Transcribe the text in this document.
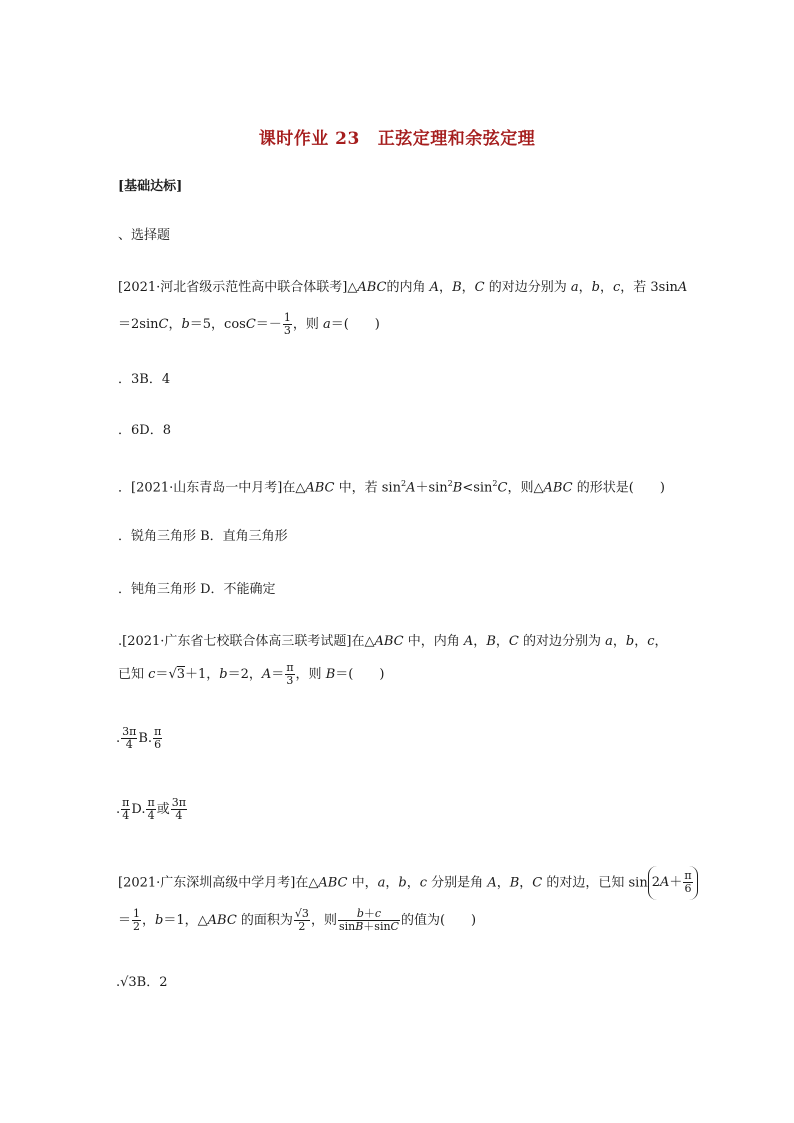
课时作业 23 正弦定理和余弦定理
[基础达标]
、选择题
[2021·河北省级示范性高中联合体联考]△ABC的内角 A，B，C 的对边分别为 a，b，c，若 3sinA
＝2sinC，b＝5，$\cos C=- \frac{1}{3}$ ，则 a＝(　　)
．3B．4
．6D．8
．[2021·山东青岛一中月考]在△ABC 中，若 $\sin^2A+\sin^2B<\sin^2C$，则△ABC 的形状是(　　)
．锐角三角形 B．直角三角形
．钝角三角形 D．不能确定
.[2021·广东省七校联合体高三联考试题]在△ABC 中，内角 A，B，C 的对边分别为 a，b，c，
已知 c＝√3＋1，b＝2，$A= \frac{\pi}{3}$ ，则 B＝(　　)
. $\frac{3\pi}{4} B$. $\frac{\pi}{6}$
. $\frac{\pi}{4} D$. $\frac{\pi}{4}$ 或 $\frac{3\pi}{4}$
[2021·广东深圳高级中学月考]在△ABC 中，a，b，c 分别是角 A，B，C 的对边，已知 $\sin 2A+ \frac{\pi}{6}$
＝ $\frac{1}{2}$ ，b＝1，△ABC 的面积为 $\frac{√3}{2}$ ，则 $\frac{b+c}{\sin B+\sin C}$ 的值为(　　)
.√3B．2
